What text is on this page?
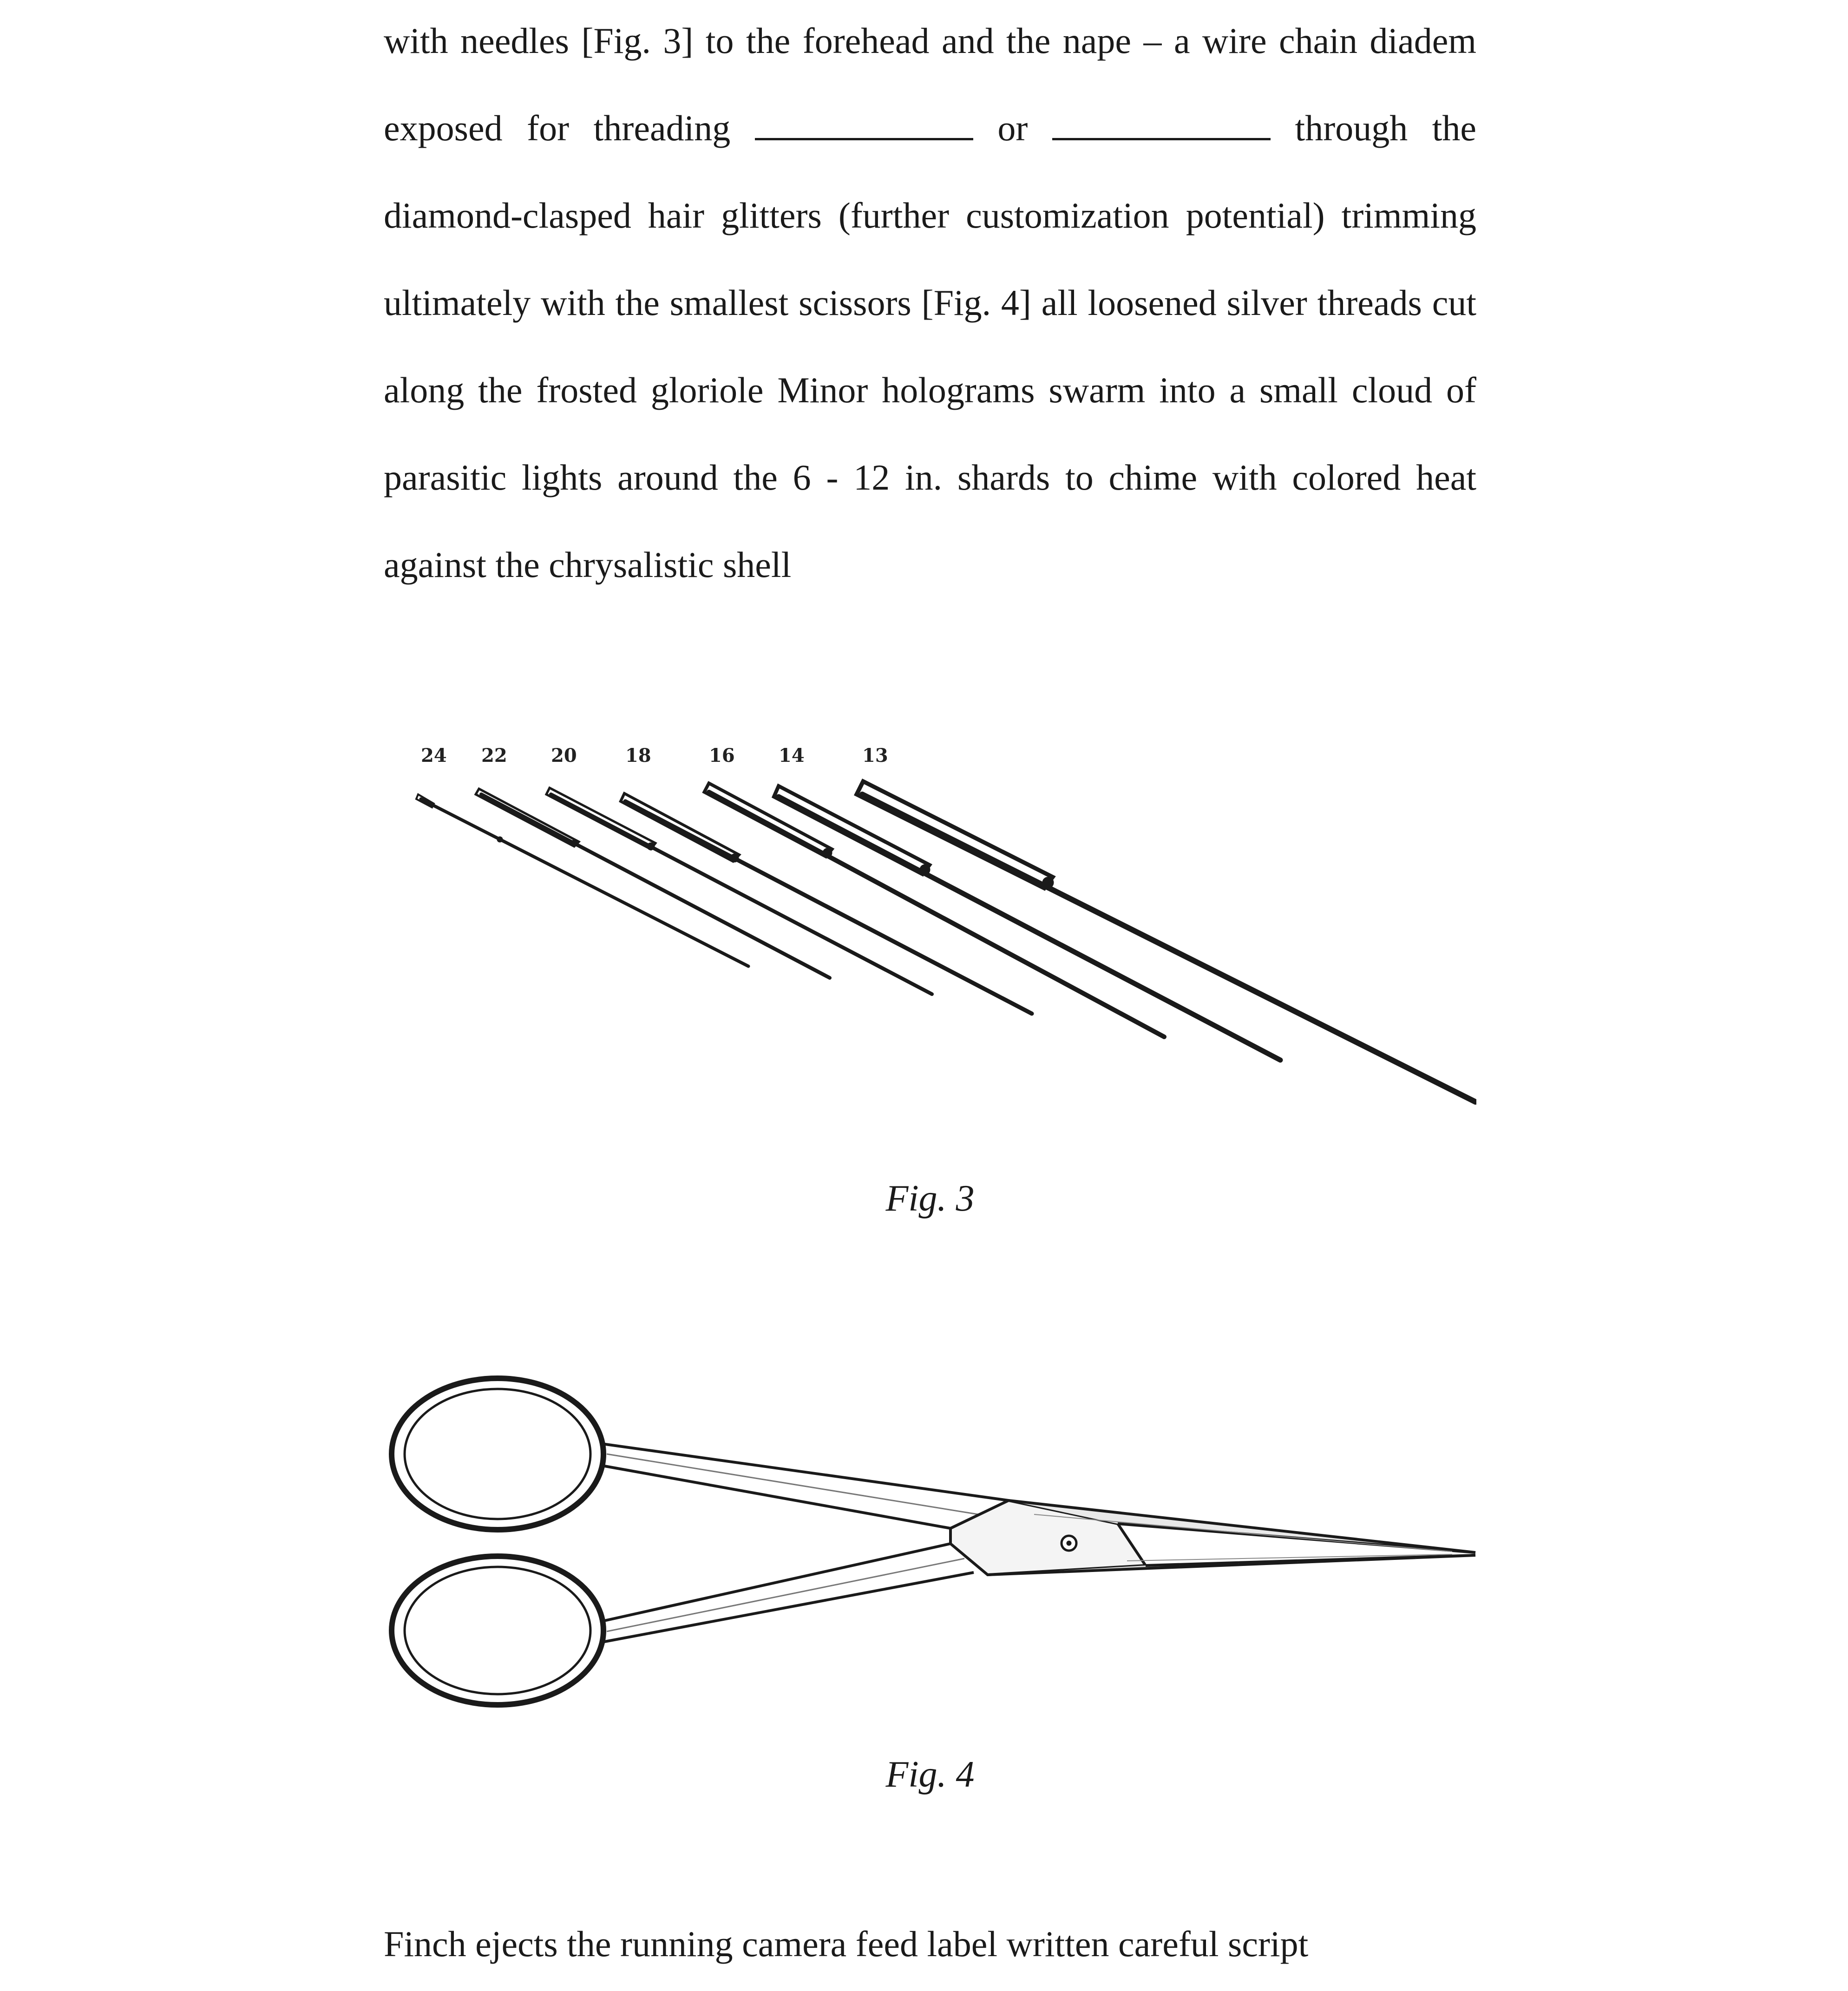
with needles [Fig. 3] to the forehead and the nape – a wire chain diadem
exposed for threading	or	through the
diamond-clasped hair glitters (further customization potential) trimming
ultimately with the smallest scissors [Fig. 4] all loosened silver threads cut
along the frosted gloriole Minor holograms swarm into a small cloud of
parasitic lights around the 6 - 12 in. shards to chime with colored heat
against the chrysalistic shell
24 22 20	18	16 14	13
Fig. 3
Fig. 4
Finch ejects the running camera feed label written careful script
